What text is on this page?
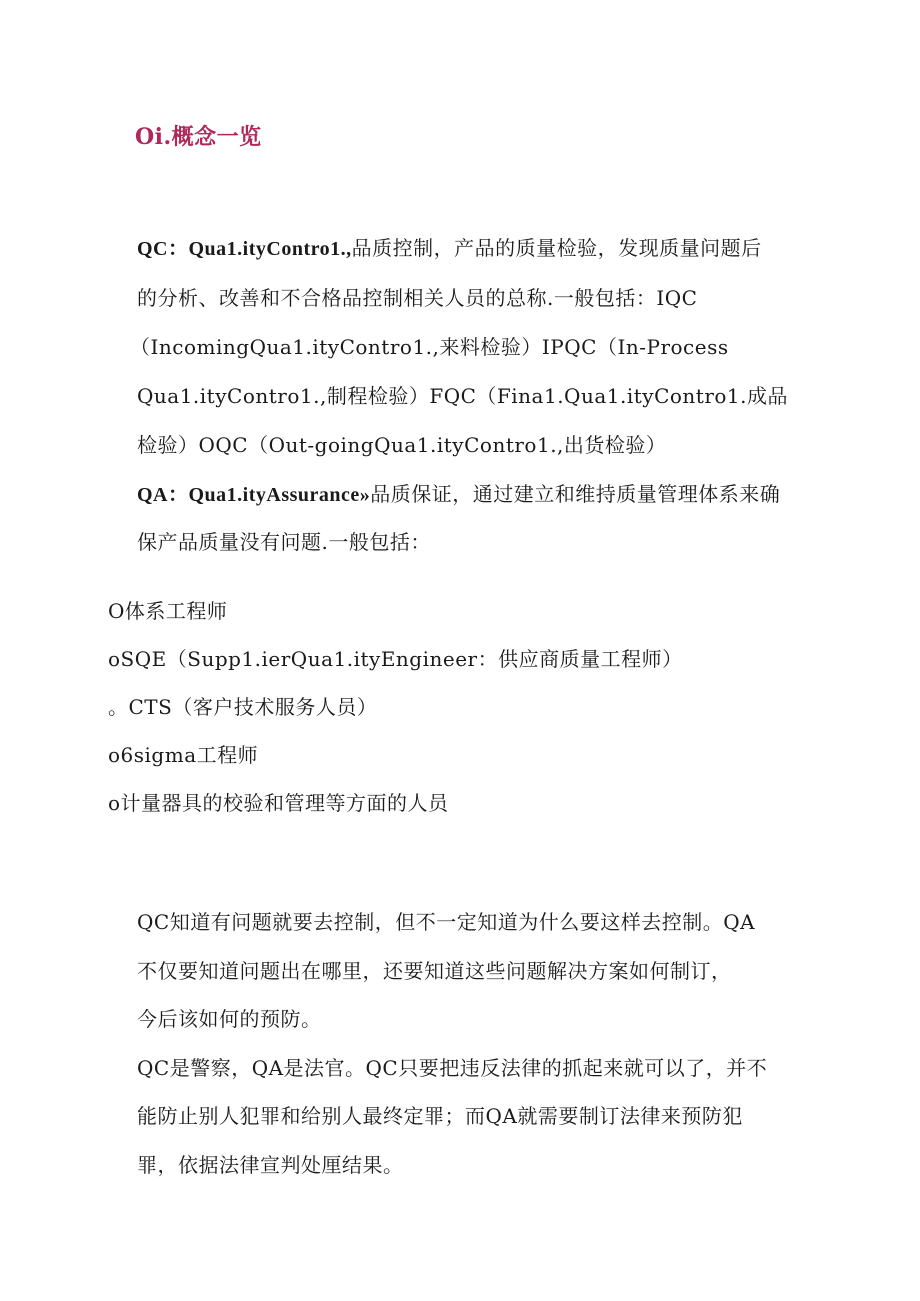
Oi.概念一览
QC：Qua1.ityContro1.,品质控制，产品的质量检验，发现质量问题后
的分析、改善和不合格品控制相关人员的总称.一般包括：IQC
（IncomingQua1.ityContro1.,来料检验）IPQC（In-Process
Qua1.ityContro1.,制程检验）FQC（Fina1.Qua1.ityContro1.成品
检验）OQC（Out-goingQua1.ityContro1.,出货检验）
QA：Qua1.ityAssurance»品质保证，通过建立和维持质量管理体系来确
保产品质量没有问题.一般包括：
O体系工程师
oSQE（Supp1.ierQua1.ityEngineer：供应商质量工程师）
。CTS（客户技术服务人员）
o6sigma工程师
o计量器具的校验和管理等方面的人员
QC知道有问题就要去控制，但不一定知道为什么要这样去控制。QA
不仅要知道问题出在哪里，还要知道这些问题解决方案如何制订，
今后该如何的预防。
QC是警察，QA是法官。QC只要把违反法律的抓起来就可以了，并不
能防止别人犯罪和给别人最终定罪；而QA就需要制订法律来预防犯
罪，依据法律宣判处厘结果。
